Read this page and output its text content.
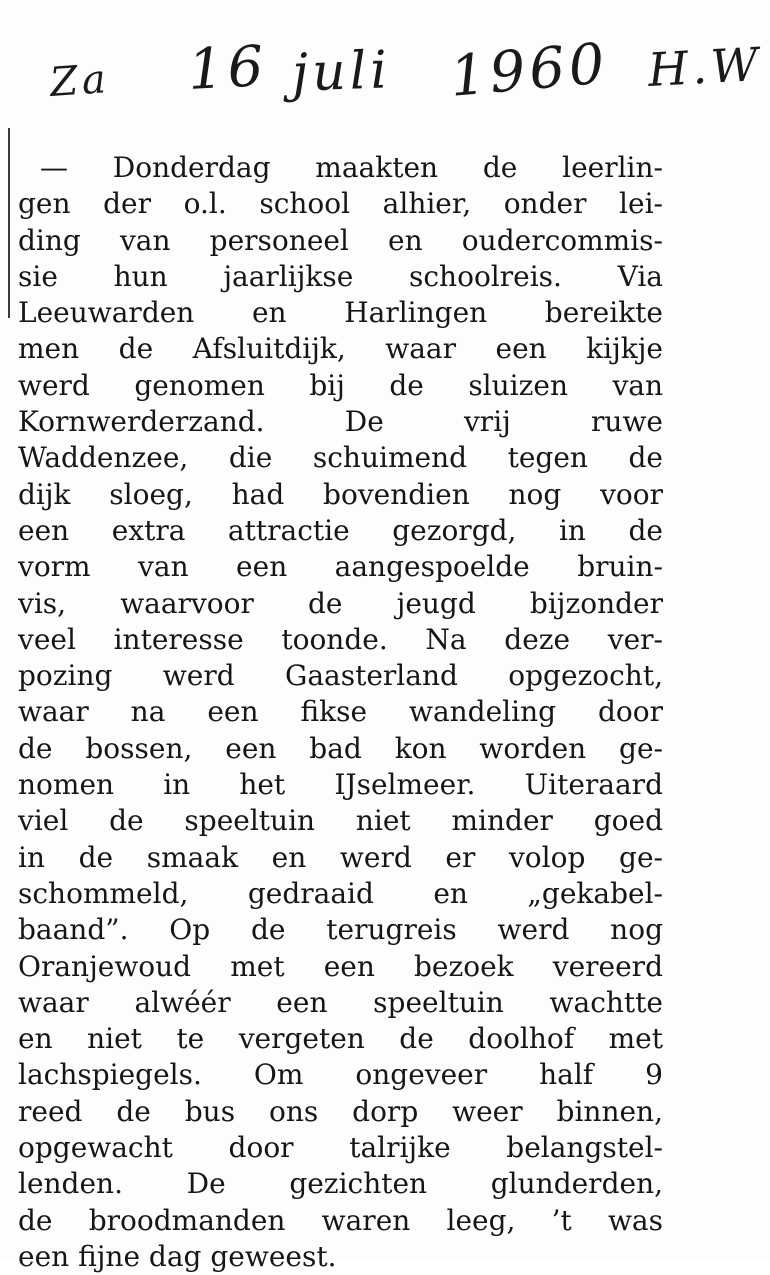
Za 16 juli 1960 H.W
— Donderdag maakten de leerlin-
gen der o.l. school alhier, onder lei-
ding van personeel en oudercommis-
sie hun jaarlijkse schoolreis. Via
Leeuwarden en Harlingen bereikte
men de Afsluitdijk, waar een kijkje
werd genomen bij de sluizen van
Kornwerderzand. De vrij ruwe
Waddenzee, die schuimend tegen de
dijk sloeg, had bovendien nog voor
een extra attractie gezorgd, in de
vorm van een aangespoelde bruin-
vis, waarvoor de jeugd bijzonder
veel interesse toonde. Na deze ver-
pozing werd Gaasterland opgezocht,
waar na een fikse wandeling door
de bossen, een bad kon worden ge-
nomen in het IJselmeer. Uiteraard
viel de speeltuin niet minder goed
in de smaak en werd er volop ge-
schommeld, gedraaid en „gekabel-
baand”. Op de terugreis werd nog
Oranjewoud met een bezoek vereerd
waar alwéér een speeltuin wachtte
en niet te vergeten de doolhof met
lachspiegels. Om ongeveer half 9
reed de bus ons dorp weer binnen,
opgewacht door talrijke belangstel-
lenden. De gezichten glunderden,
de broodmanden waren leeg, ’t was
een fijne dag geweest.
